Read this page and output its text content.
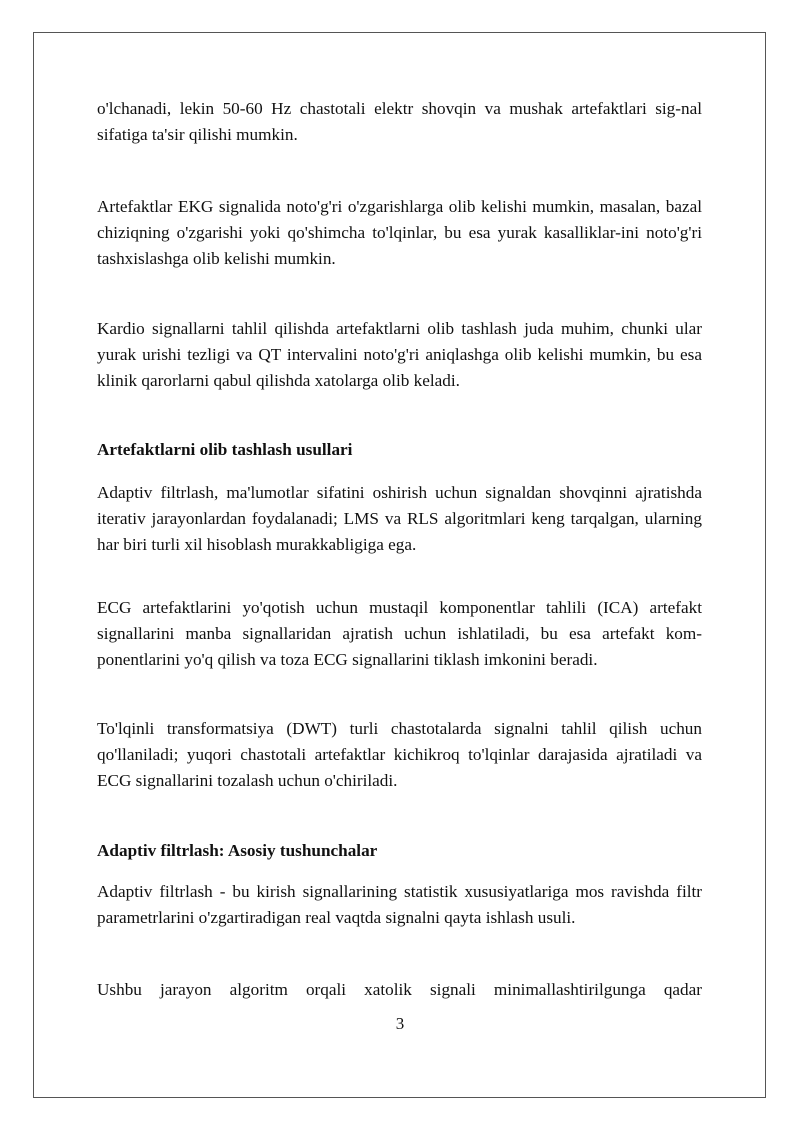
o'lchanadi, lekin 50-60 Hz chastotali elektr shovqin va mushak artefaktlari sig-nal sifatiga ta'sir qilishi mumkin.

Artefaktlar EKG signalida noto'g'ri o'zgarishlarga olib kelishi mumkin, masalan, bazal chiziqning o'zgarishi yoki qo'shimcha to'lqinlar, bu esa yurak kasalliklar-ini noto'g'ri tashxislashga olib kelishi mumkin.

Kardio signallarni tahlil qilishda artefaktlarni olib tashlash juda muhim, chunki ular yurak urishi tezligi va QT intervalini noto'g'ri aniqlashga olib kelishi mumkin, bu esa klinik qarorlarni qabul qilishda xatolarga olib keladi.

Artefaktlarni olib tashlash usullari

Adaptiv filtrlash, ma'lumotlar sifatini oshirish uchun signaldan shovqinni ajratishda iterativ jarayonlardan foydalanadi; LMS va RLS algoritmlari keng tarqalgan, ularning har biri turli xil hisoblash murakkabligiga ega.

ECG artefaktlarini yo'qotish uchun mustaqil komponentlar tahlili (ICA) artefakt signallarini manba signallaridan ajratish uchun ishlatiladi, bu esa artefakt kom-ponentlarini yo'q qilish va toza ECG signallarini tiklash imkonini beradi.

To'lqinli transformatsiya (DWT) turli chastotalarda signalni tahlil qilish uchun qo'llaniladi; yuqori chastotali artefaktlar kichikroq to'lqinlar darajasida ajratiladi va ECG signallarini tozalash uchun o'chiriladi.

Adaptiv filtrlash: Asosiy tushunchalar

Adaptiv filtrlash - bu kirish signallarining statistik xususiyatlariga mos ravishda filtr parametrlarini o'zgartiradigan real vaqtda signalni qayta ishlash usuli.

Ushbu jarayon algoritm orqali xatolik signali minimallashtirilgunga qadar

3
